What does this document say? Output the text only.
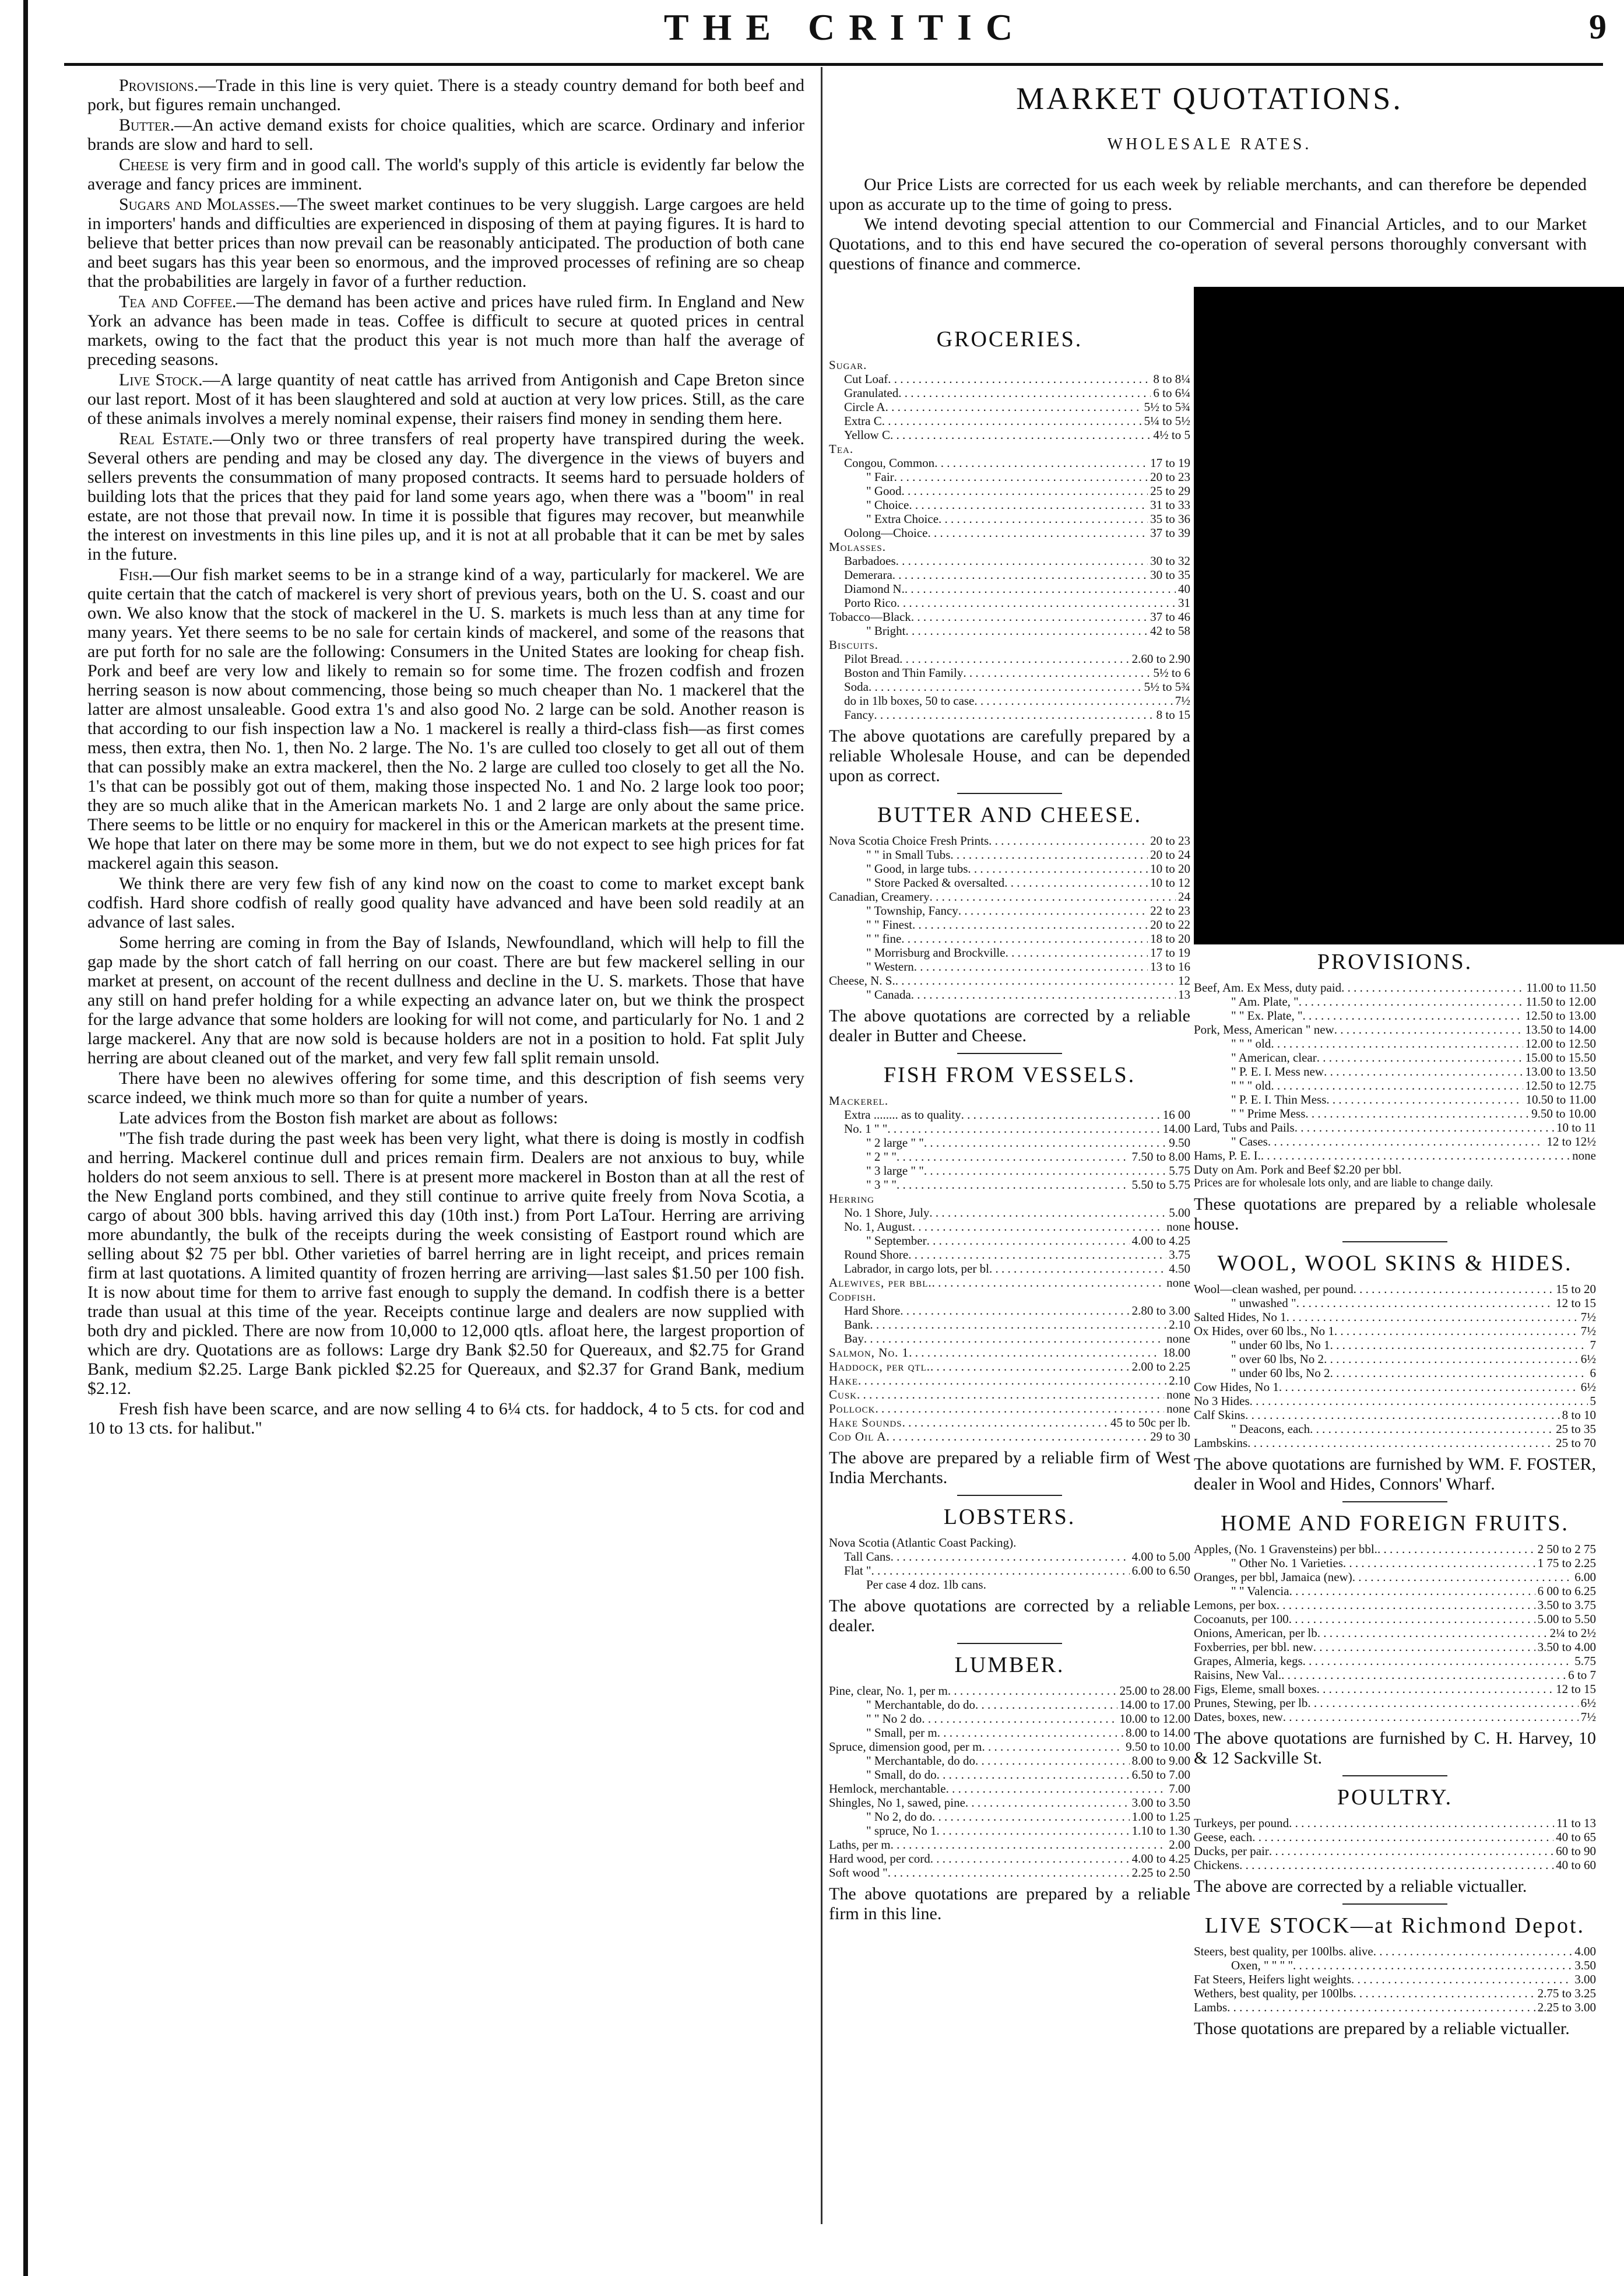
THE CRITIC	9

Provisions.—Trade in this line is very quiet. There is a steady country demand for both beef and pork, but figures remain unchanged.

Butter.—An active demand exists for choice qualities, which are scarce. Ordinary and inferior brands are slow and hard to sell.

Cheese is very firm and in good call. The world's supply of this article is evidently far below the average and fancy prices are imminent.

Sugars and Molasses.—The sweet market continues to be very sluggish. Large cargoes are held in importers' hands and difficulties are experienced in disposing of them at paying figures. It is hard to believe that better prices than now prevail can be reasonably anticipated. The production of both cane and beet sugars has this year been so enormous, and the improved processes of refining are so cheap that the probabilities are largely in favor of a further reduction.

Tea and Coffee.—The demand has been active and prices have ruled firm. In England and New York an advance has been made in teas. Coffee is difficult to secure at quoted prices in central markets, owing to the fact that the product this year is not much more than half the average of preceding seasons.

Live Stock.—A large quantity of neat cattle has arrived from Antigonish and Cape Breton since our last report. Most of it has been slaughtered and sold at auction at very low prices. Still, as the care of these animals involves a merely nominal expense, their raisers find money in sending them here.

Real Estate.—Only two or three transfers of real property have transpired during the week. Several others are pending and may be closed any day. The divergence in the views of buyers and sellers prevents the consummation of many proposed contracts. It seems hard to persuade holders of building lots that the prices that they paid for land some years ago, when there was a "boom" in real estate, are not those that prevail now. In time it is possible that figures may recover, but meanwhile the interest on investments in this line piles up, and it is not at all probable that it can be met by sales in the future.

Fish.—Our fish market seems to be in a strange kind of a way, particularly for mackerel. We are quite certain that the catch of mackerel is very short of previous years, both on the U. S. coast and our own. We also know that the stock of mackerel in the U. S. markets is much less than at any time for many years. Yet there seems to be no sale for certain kinds of mackerel, and some of the reasons that are put forth for no sale are the following: Consumers in the United States are looking for cheap fish. Pork and beef are very low and likely to remain so for some time. The frozen codfish and frozen herring season is now about commencing, those being so much cheaper than No. 1 mackerel that the latter are almost unsaleable. Good extra 1's and also good No. 2 large can be sold. Another reason is that according to our fish inspection law a No. 1 mackerel is really a third-class fish—as first comes mess, then extra, then No. 1, then No. 2 large. The No. 1's are culled too closely to get all out of them that can possibly make an extra mackerel, then the No. 2 large are culled too closely to get all the No. 1's that can be possibly got out of them, making those inspected No. 1 and No. 2 large look too poor; they are so much alike that in the American markets No. 1 and 2 large are only about the same price. There seems to be little or no enquiry for mackerel in this or the American markets at the present time. We hope that later on there may be some more in them, but we do not expect to see high prices for fat mackerel again this season.

We think there are very few fish of any kind now on the coast to come to market except bank codfish. Hard shore codfish of really good quality have advanced and have been sold readily at an advance of last sales.

Some herring are coming in from the Bay of Islands, Newfoundland, which will help to fill the gap made by the short catch of fall herring on our coast. There are but few mackerel selling in our market at present, on account of the recent dullness and decline in the U. S. markets. Those that have any still on hand prefer holding for a while expecting an advance later on, but we think the prospect for the large advance that some holders are looking for will not come, and particularly for No. 1 and 2 large mackerel. Any that are now sold is because holders are not in a position to hold. Fat split July herring are about cleaned out of the market, and very few fall split remain unsold.

There have been no alewives offering for some time, and this description of fish seems very scarce indeed, we think much more so than for quite a number of years.

Late advices from the Boston fish market are about as follows:

"The fish trade during the past week has been very light, what there is doing is mostly in codfish and herring. Mackerel continue dull and prices remain firm. Dealers are not anxious to buy, while holders do not seem anxious to sell. There is at present more mackerel in Boston than at all the rest of the New England ports combined, and they still continue to arrive quite freely from Nova Scotia, a cargo of about 300 bbls. having arrived this day (10th inst.) from Port LaTour. Herring are arriving more abundantly, the bulk of the receipts during the week consisting of Eastport round which are selling about $2 75 per bbl. Other varieties of barrel herring are in light receipt, and prices remain firm at last quotations. A limited quantity of frozen herring are arriving—last sales $1.50 per 100 fish. It is now about time for them to arrive fast enough to supply the demand. In codfish there is a better trade than usual at this time of the year. Receipts continue large and dealers are now supplied with both dry and pickled. There are now from 10,000 to 12,000 qtls. afloat here, the largest proportion of which are dry. Quotations are as follows: Large dry Bank $2.50 for Quereaux, and $2.75 for Grand Bank, medium $2.25. Large Bank pickled $2.25 for Quereaux, and $2.37 for Grand Bank, medium $2.12.

Fresh fish have been scarce, and are now selling 4 to 6¼ cts. for haddock, 4 to 5 cts. for cod and 10 to 13 cts. for halibut."

MARKET QUOTATIONS.
WHOLESALE RATES.

Our Price Lists are corrected for us each week by reliable merchants, and can therefore be depended upon as accurate up to the time of going to press.

We intend devoting special attention to our Commercial and Financial Articles, and to our Market Quotations, and to this end have secured the co-operation of several persons thoroughly conversant with questions of finance and commerce.

GROCERIES.
Sugar.
Cut Loaf . . .	8 to 8¼
Granulated . . .	6 to 6¼
Circle A . . .	5½ to 5¾
Extra C . . .	5¼ to 5½
Yellow C . . .	4½ to 5
Tea.
Congou, Common . . .	17 to 19
" Fair . . .	20 to 23
" Good . . .	25 to 29
" Choice . . .	31 to 33
" Extra Choice . . .	35 to 36
Oolong—Choice . . .	37 to 39
Molasses.
Barbadoes . . .	30 to 32
Demerara . . .	30 to 35
Diamond N. . . .	40
Porto Rico . . .	31
Tobacco—Black . . .	37 to 46
" Bright . . .	42 to 58
Biscuits.
Pilot Bread . . .	2.60 to 2.90
Boston and Thin Family . . .	5½ to 6
Soda . . .	5½ to 5¾
do in 1lb boxes, 50 to case . . .	7½
Fancy . . .	8 to 15

The above quotations are carefully prepared by a reliable Wholesale House, and can be depended upon as correct.

BUTTER AND CHEESE.
Nova Scotia Choice Fresh Prints . . .	20 to 23
" " in Small Tubs . . .	20 to 24
" Good, in large tubs . . .	10 to 20
" Store Packed & oversalted . . .	10 to 12
Canadian, Creamery . . .	24
" Township, Fancy . . .	22 to 23
" " Finest . . .	20 to 22
" " fine . . .	18 to 20
" Morrisburg and Brockville . . .	17 to 19
" Western . . .	13 to 16
Cheese, N. S. . . .	12
" Canada . . .	13

The above quotations are corrected by a reliable dealer in Butter and Cheese.

FISH FROM VESSELS.
Mackerel.
Extra ........ as to quality . . .	16 00
No. 1 " " . . .	14.00
" 2 large " " . . .	9.50
" 2 " " . . .	7.50 to 8.00
" 3 large " " . . .	5.75
" 3 " " . . .	5.50 to 5.75
Herring
No. 1 Shore, July . . .	5.00
No. 1, August . . .	none
" September . . .	4.00 to 4.25
Round Shore . . .	3.75
Labrador, in cargo lots, per bl . . .	4.50
Alewives, per bbl. . . .	none
Codfish.
Hard Shore . . .	2.80 to 3.00
Bank . . .	2.10
Bay . . .	none
Salmon, No. 1 . . .	18.00
Haddock, per qtl. . . .	2.00 to 2.25
Hake . . .	2.10
Cusk . . .	none
Pollock . . .	none
Hake Sounds . . .	45 to 50c per lb.
Cod Oil A . . .	29 to 30

The above are prepared by a reliable firm of West India Merchants.

LOBSTERS.
Nova Scotia (Atlantic Coast Packing).
Tall Cans . . .	4.00 to 5.00
Flat " . . .	6.00 to 6.50
Per case 4 doz. 1lb cans.

The above quotations are corrected by a reliable dealer.

LUMBER.
Pine, clear, No. 1, per m . . .	25.00 to 28.00
" Merchantable, do do . . .	14.00 to 17.00
" " No 2 do . . .	10.00 to 12.00
" Small, per m . . .	8.00 to 14.00
Spruce, dimension good, per m . . .	9.50 to 10.00
" Merchantable, do do . . .	8.00 to 9.00
" Small, do do . . .	6.50 to 7.00
Hemlock, merchantable . . .	7.00
Shingles, No 1, sawed, pine . . .	3.00 to 3.50
" No 2, do do . . .	1.00 to 1.25
" spruce, No 1 . . .	1.10 to 1.30
Laths, per m . . .	2.00
Hard wood, per cord . . .	4.00 to 4.25
Soft wood " . . .	2.25 to 2.50

The above quotations are prepared by a reliable firm in this line.

PROVISIONS.
Beef, Am. Ex Mess, duty paid . . .	11.00 to 11.50
" Am. Plate, " . . .	11.50 to 12.00
" " Ex. Plate, " . . .	12.50 to 13.00
Pork, Mess, American " new . . .	13.50 to 14.00
" " " old . . .	12.00 to 12.50
" American, clear . . .	15.00 to 15.50
" P. E. I. Mess new . . .	13.00 to 13.50
" " " old . . .	12.50 to 12.75
" P. E. I. Thin Mess . . .	10.50 to 11.00
" " Prime Mess . . .	9.50 to 10.00
Lard, Tubs and Pails . . .	10 to 11
" Cases . . .	12 to 12½
Hams, P. E. I. . . .	none
Duty on Am. Pork and Beef $2.20 per bbl.

Prices are for wholesale lots only, and are liable to change daily.

These quotations are prepared by a reliable wholesale house.

WOOL, WOOL SKINS & HIDES.
Wool—clean washed, per pound . . .	15 to 20
" unwashed " . . .	12 to 15
Salted Hides, No 1 . . .	7½
Ox Hides, over 60 lbs., No 1 . . .	7½
" under 60 lbs, No 1 . . .	7
" over 60 lbs, No 2 . . .	6½
" under 60 lbs, No 2 . . .	6
Cow Hides, No 1 . . .	6½
No 3 Hides . . .	5
Calf Skins . . .	8 to 10
" Deacons, each . . .	25 to 35
Lambskins . . .	25 to 70

The above quotations are furnished by WM. F. FOSTER, dealer in Wool and Hides, Connors' Wharf.

HOME AND FOREIGN FRUITS.
Apples, (No. 1 Gravensteins) per bbl. . . .	2 50 to 2 75
" Other No. 1 Varieties . . .	1 75 to 2.25
Oranges, per bbl, Jamaica (new) . . .	6.00
" " Valencia . . .	6 00 to 6.25
Lemons, per box . . .	3.50 to 3.75
Cocoanuts, per 100 . . .	5.00 to 5.50
Onions, American, per lb . . .	2¼ to 2½
Foxberries, per bbl. new . . .	3.50 to 4.00
Grapes, Almeria, kegs . . .	5.75
Raisins, New Val. . . .	6 to 7
Figs, Eleme, small boxes . . .	12 to 15
Prunes, Stewing, per lb . . .	6½
Dates, boxes, new . . .	7½

The above quotations are furnished by C. H. Harvey, 10 & 12 Sackville St.

POULTRY.
Turkeys, per pound . . .	11 to 13
Geese, each . . .	40 to 65
Ducks, per pair . . .	60 to 90
Chickens . . .	40 to 60

The above are corrected by a reliable victualler.

LIVE STOCK—at Richmond Depot.
Steers, best quality, per 100lbs. alive . . .	4.00
Oxen, " " " " . . .	3.50
Fat Steers, Heifers light weights . . .	3.00
Wethers, best quality, per 100lbs . . .	2.75 to 3.25
Lambs . . .	2.25 to 3.00

Those quotations are prepared by a reliable victualler.
